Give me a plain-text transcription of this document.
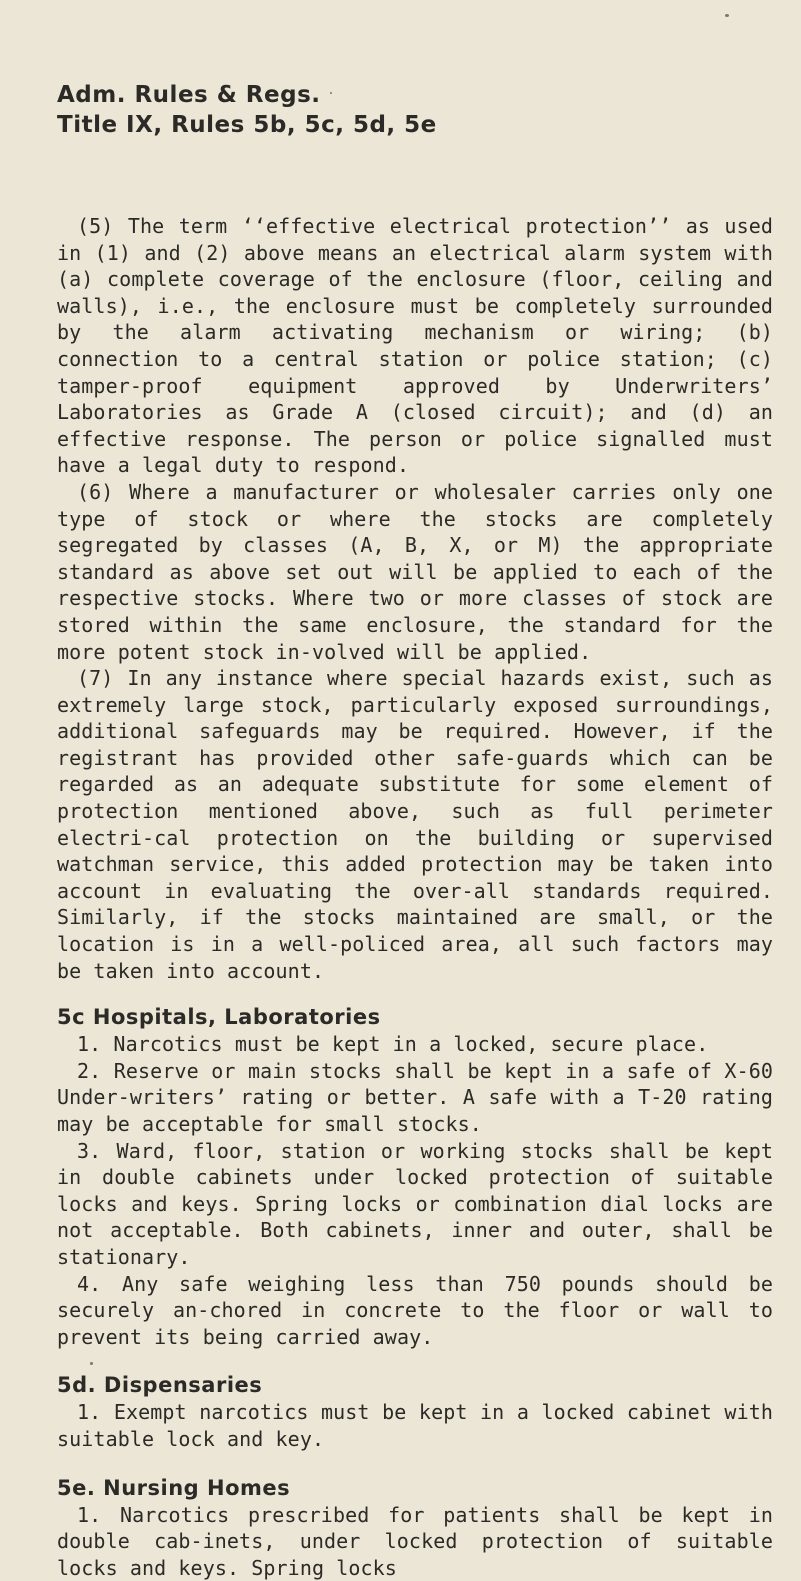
Adm. Rules & Regs.
Title IX, Rules 5b, 5c, 5d, 5e

(5) The term ‘‘effective electrical protection’’ as used in (1) and (2) above means an electrical alarm system with (a) complete coverage of the enclosure (floor, ceiling and walls), i.e., the enclosure must be completely surrounded by the alarm activating mechanism or wiring; (b) connection to a central station or police station; (c) tamper-proof equipment approved by Underwriters’ Laboratories as Grade A (closed circuit); and (d) an effective response. The person or police signalled must have a legal duty to respond.

(6) Where a manufacturer or wholesaler carries only one type of stock or where the stocks are completely segregated by classes (A, B, X, or M) the appropriate standard as above set out will be applied to each of the respective stocks. Where two or more classes of stock are stored within the same enclosure, the standard for the more potent stock in-volved will be applied.

(7) In any instance where special hazards exist, such as extremely large stock, particularly exposed surroundings, additional safeguards may be required. However, if the registrant has provided other safe-guards which can be regarded as an adequate substitute for some element of protection mentioned above, such as full perimeter electri-cal protection on the building or supervised watchman service, this added protection may be taken into account in evaluating the over-all standards required. Similarly, if the stocks maintained are small, or the location is in a well-policed area, all such factors may be taken into account.

5c Hospitals, Laboratories

1. Narcotics must be kept in a locked, secure place.

2. Reserve or main stocks shall be kept in a safe of X-60 Under-writers’ rating or better. A safe with a T-20 rating may be acceptable for small stocks.

3. Ward, floor, station or working stocks shall be kept in double cabinets under locked protection of suitable locks and keys. Spring locks or combination dial locks are not acceptable. Both cabinets, inner and outer, shall be stationary.

4. Any safe weighing less than 750 pounds should be securely an-chored in concrete to the floor or wall to prevent its being carried away.

5d. Dispensaries

1. Exempt narcotics must be kept in a locked cabinet with suitable lock and key.

5e. Nursing Homes

1. Narcotics prescribed for patients shall be kept in double cab-inets, under locked protection of suitable locks and keys. Spring locks
